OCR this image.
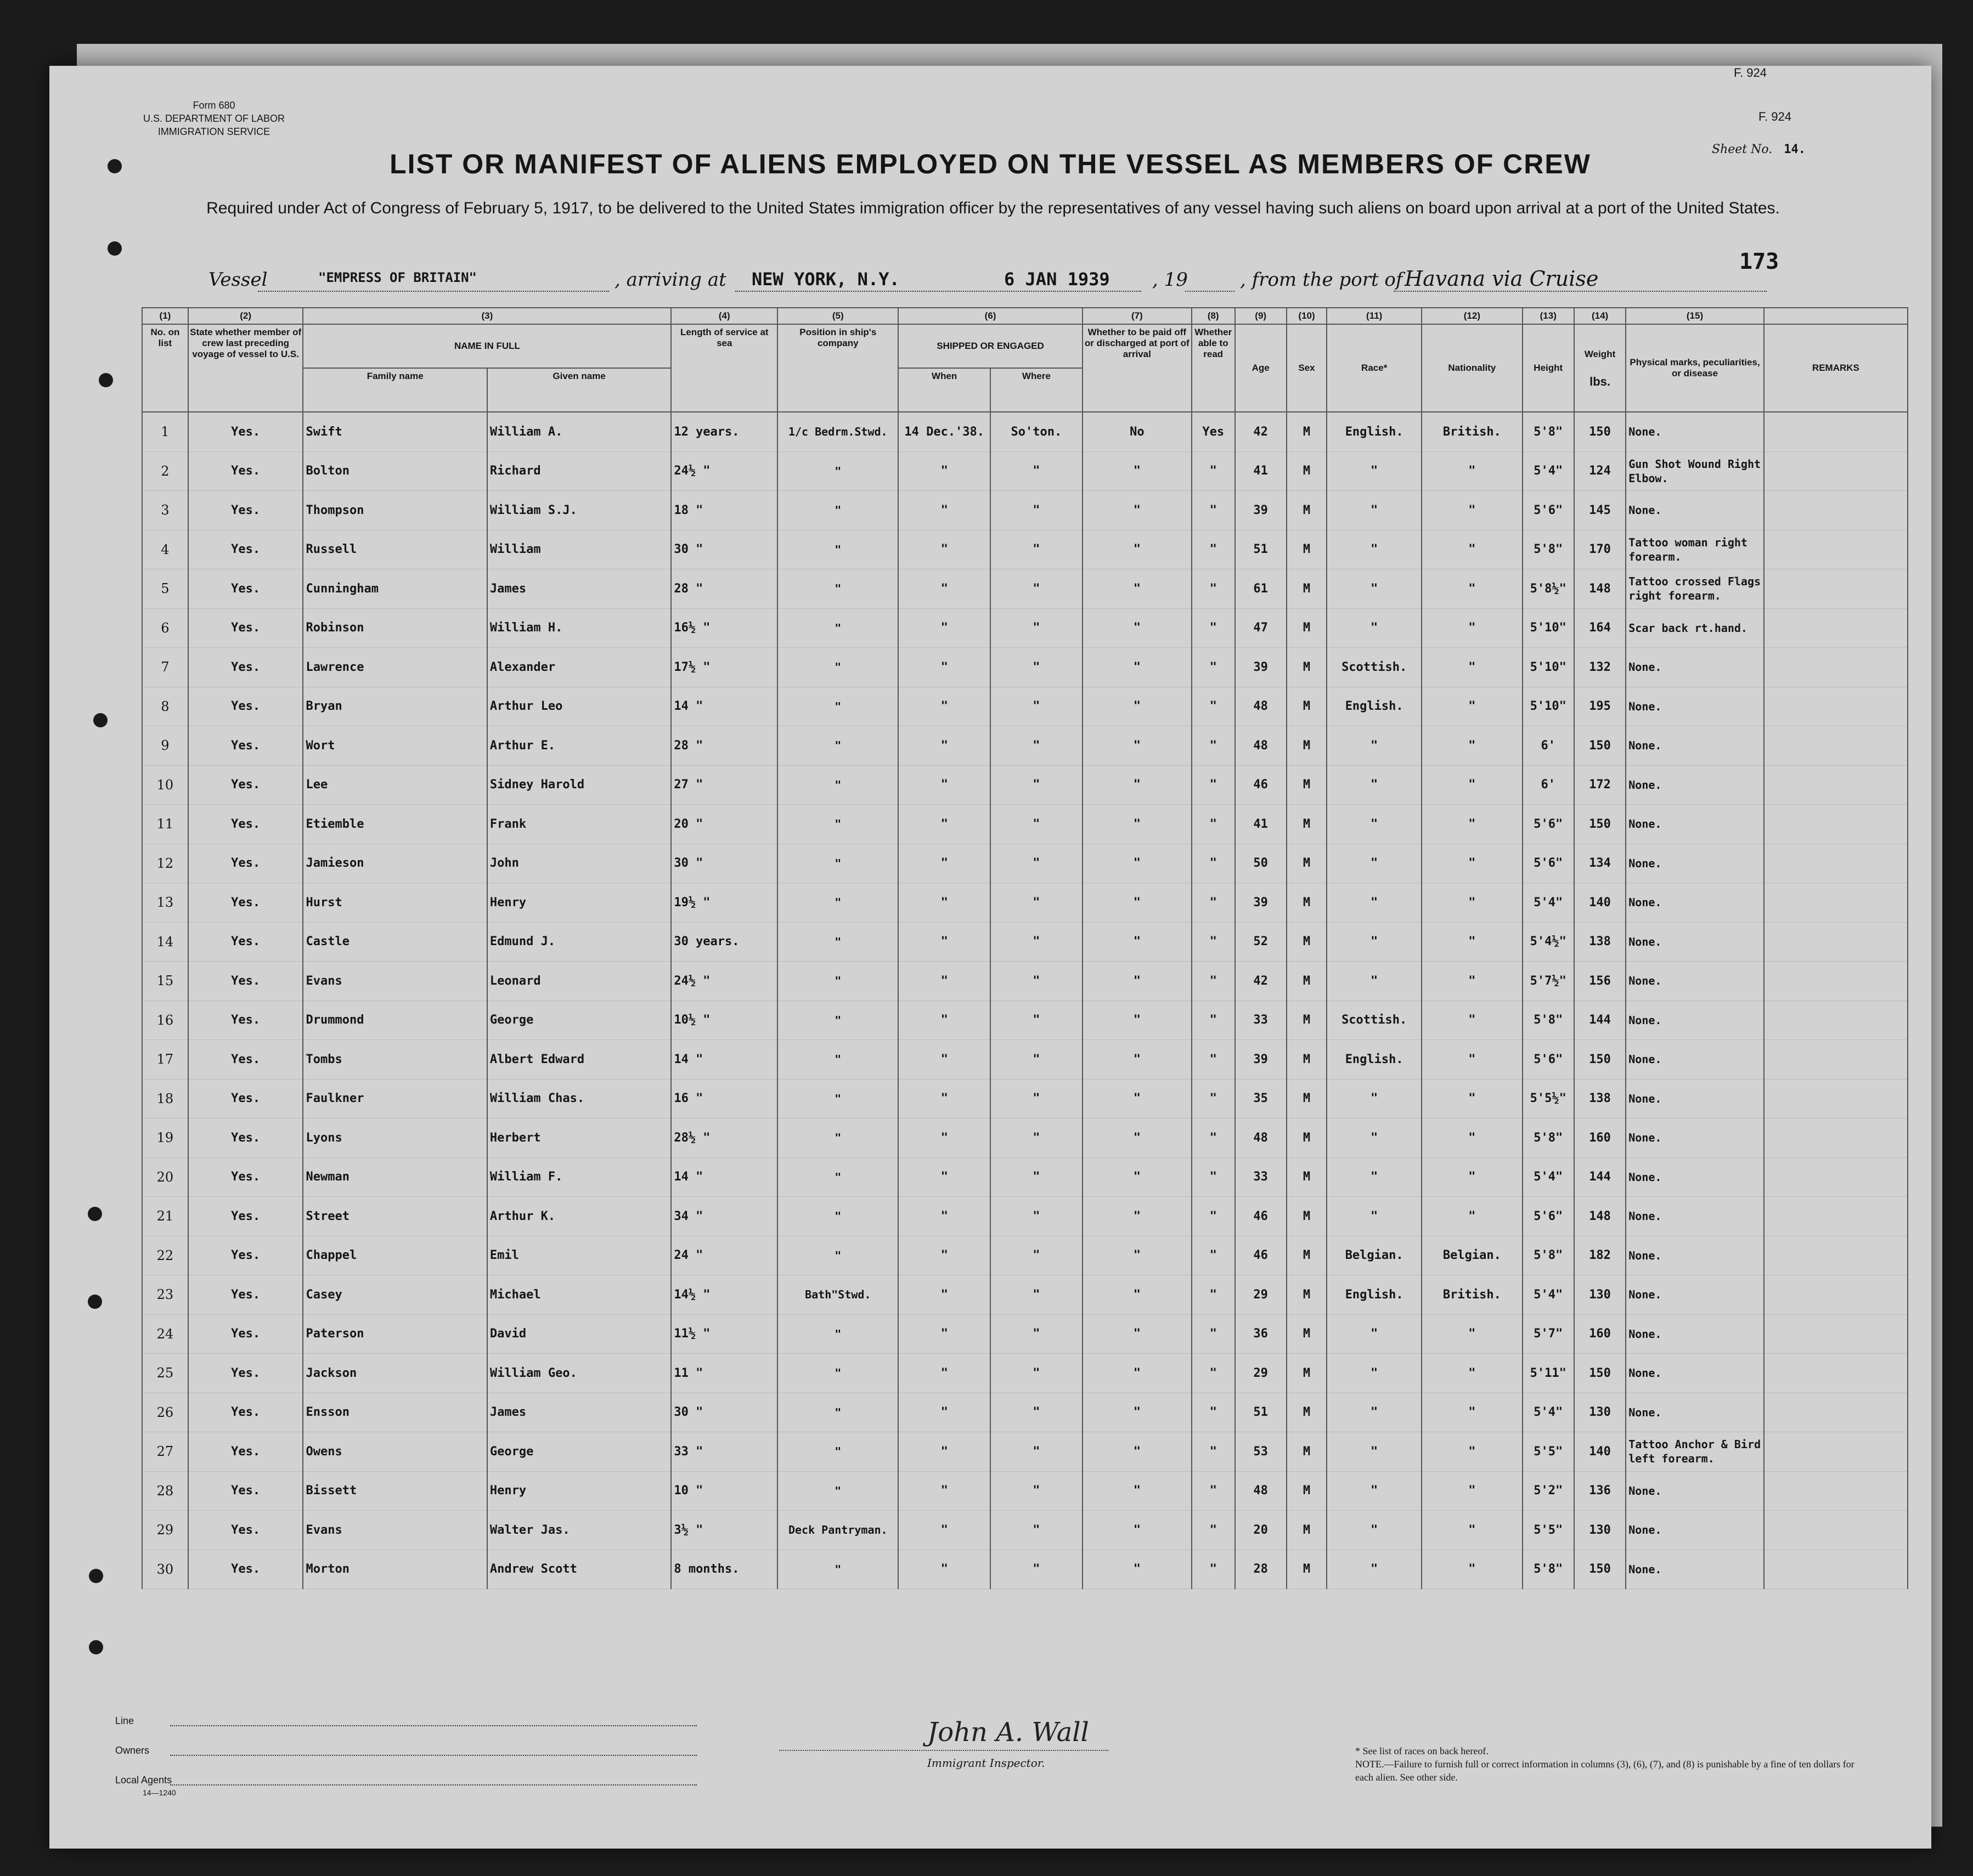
Form 680
U.S. DEPARTMENT OF LABOR
IMMIGRATION SERVICE
F. 924
F. 924
Sheet No. 14.
LIST OR MANIFEST OF ALIENS EMPLOYED ON THE VESSEL AS MEMBERS OF CREW
Required under Act of Congress of February 5, 1917, to be delivered to the United States immigration officer by the representatives of any vessel having such aliens on board upon arrival at a port of the United States.
Vessel	"EMPRESS OF BRITAIN"	, arriving at NEW YORK, N.Y.	6 JAN 1939 , 19	, from the port of Havana via Cruise
173
(1)	(2)	(3)		(4)	(5)	(6)		(7)	(8)	(9)	(10)	(11)	(12)	(13)	(14)	(15)	
No. on list	State whether member of crew last preceding voyage of vessel to U.S.	NAME IN FULL		Length of service at sea	Position in ship's company	SHIPPED OR ENGAGED		Whether to be paid off or discharged at port of arrival	Whether able to read	Age	Sex	Race*	Nationality	Height	Weight
lbs.	Physical marks, peculiarities, or disease	REMARKS
		Family name	Given name			When	Where										
1	Yes.	Swift	William A.	12 years.	1/c Bedrm.Stwd.	14 Dec.'38.	So'ton.	No	Yes	42	M	English.	British.	5'8"	150	None.	
2	Yes.	Bolton	Richard	24½ "	"	"	"	"	"	41	M	"	"	5'4"	124	Gun Shot Wound Right Elbow.	
3	Yes.	Thompson	William S.J.	18 "	"	"	"	"	"	39	M	"	"	5'6"	145	None.	
4	Yes.	Russell	William	30 "	"	"	"	"	"	51	M	"	"	5'8"	170	Tattoo woman right forearm.	
5	Yes.	Cunningham	James	28 "	"	"	"	"	"	61	M	"	"	5'8½"	148	Tattoo crossed Flags right forearm.	
6	Yes.	Robinson	William H.	16½ "	"	"	"	"	"	47	M	"	"	5'10"	164	Scar back rt.hand.	
7	Yes.	Lawrence	Alexander	17½ "	"	"	"	"	"	39	M	Scottish.	"	5'10"	132	None.	
8	Yes.	Bryan	Arthur Leo	14 "	"	"	"	"	"	48	M	English.	"	5'10"	195	None.	
9	Yes.	Wort	Arthur E.	28 "	"	"	"	"	"	48	M	"	"	6'	150	None.	
10	Yes.	Lee	Sidney Harold	27 "	"	"	"	"	"	46	M	"	"	6'	172	None.	
11	Yes.	Etiemble	Frank	20 "	"	"	"	"	"	41	M	"	"	5'6"	150	None.	
12	Yes.	Jamieson	John	30 "	"	"	"	"	"	50	M	"	"	5'6"	134	None.	
13	Yes.	Hurst	Henry	19½ "	"	"	"	"	"	39	M	"	"	5'4"	140	None.	
14	Yes.	Castle	Edmund J.	30 years.	"	"	"	"	"	52	M	"	"	5'4½"	138	None.	
15	Yes.	Evans	Leonard	24½ "	"	"	"	"	"	42	M	"	"	5'7½"	156	None.	
16	Yes.	Drummond	George	10½ "	"	"	"	"	"	33	M	Scottish.	"	5'8"	144	None.	
17	Yes.	Tombs	Albert Edward	14 "	"	"	"	"	"	39	M	English.	"	5'6"	150	None.	
18	Yes.	Faulkner	William Chas.	16 "	"	"	"	"	"	35	M	"	"	5'5½"	138	None.	
19	Yes.	Lyons	Herbert	28½ "	"	"	"	"	"	48	M	"	"	5'8"	160	None.	
20	Yes.	Newman	William F.	14 "	"	"	"	"	"	33	M	"	"	5'4"	144	None.	
21	Yes.	Street	Arthur K.	34 "	"	"	"	"	"	46	M	"	"	5'6"	148	None.	
22	Yes.	Chappel	Emil	24 "	"	"	"	"	"	46	M	Belgian.	Belgian.	5'8"	182	None.	
23	Yes.	Casey	Michael	14½ "	Bath"Stwd.	"	"	"	"	29	M	English.	British.	5'4"	130	None.	
24	Yes.	Paterson	David	11½ "	"	"	"	"	"	36	M	"	"	5'7"	160	None.	
25	Yes.	Jackson	William Geo.	11 "	"	"	"	"	"	29	M	"	"	5'11"	150	None.	
26	Yes.	Ensson	James	30 "	"	"	"	"	"	51	M	"	"	5'4"	130	None.	
27	Yes.	Owens	George	33 "	"	"	"	"	"	53	M	"	"	5'5"	140	Tattoo Anchor & Bird left forearm.	
28	Yes.	Bissett	Henry	10 "	"	"	"	"	"	48	M	"	"	5'2"	136	None.	
29	Yes.	Evans	Walter Jas.	3½ "	Deck Pantryman.	"	"	"	"	20	M	"	"	5'5"	130	None.	
30	Yes.	Morton	Andrew Scott	8 months.	"	"	"	"	"	28	M	"	"	5'8"	150	None.	
Line
Owners
Local Agents
14—1240
John A. Wall
Immigrant Inspector.
* See list of races on back hereof.
NOTE.—Failure to furnish full or correct information in columns (3), (6), (7), and (8) is punishable by a fine of ten dollars for each alien. See other side.
